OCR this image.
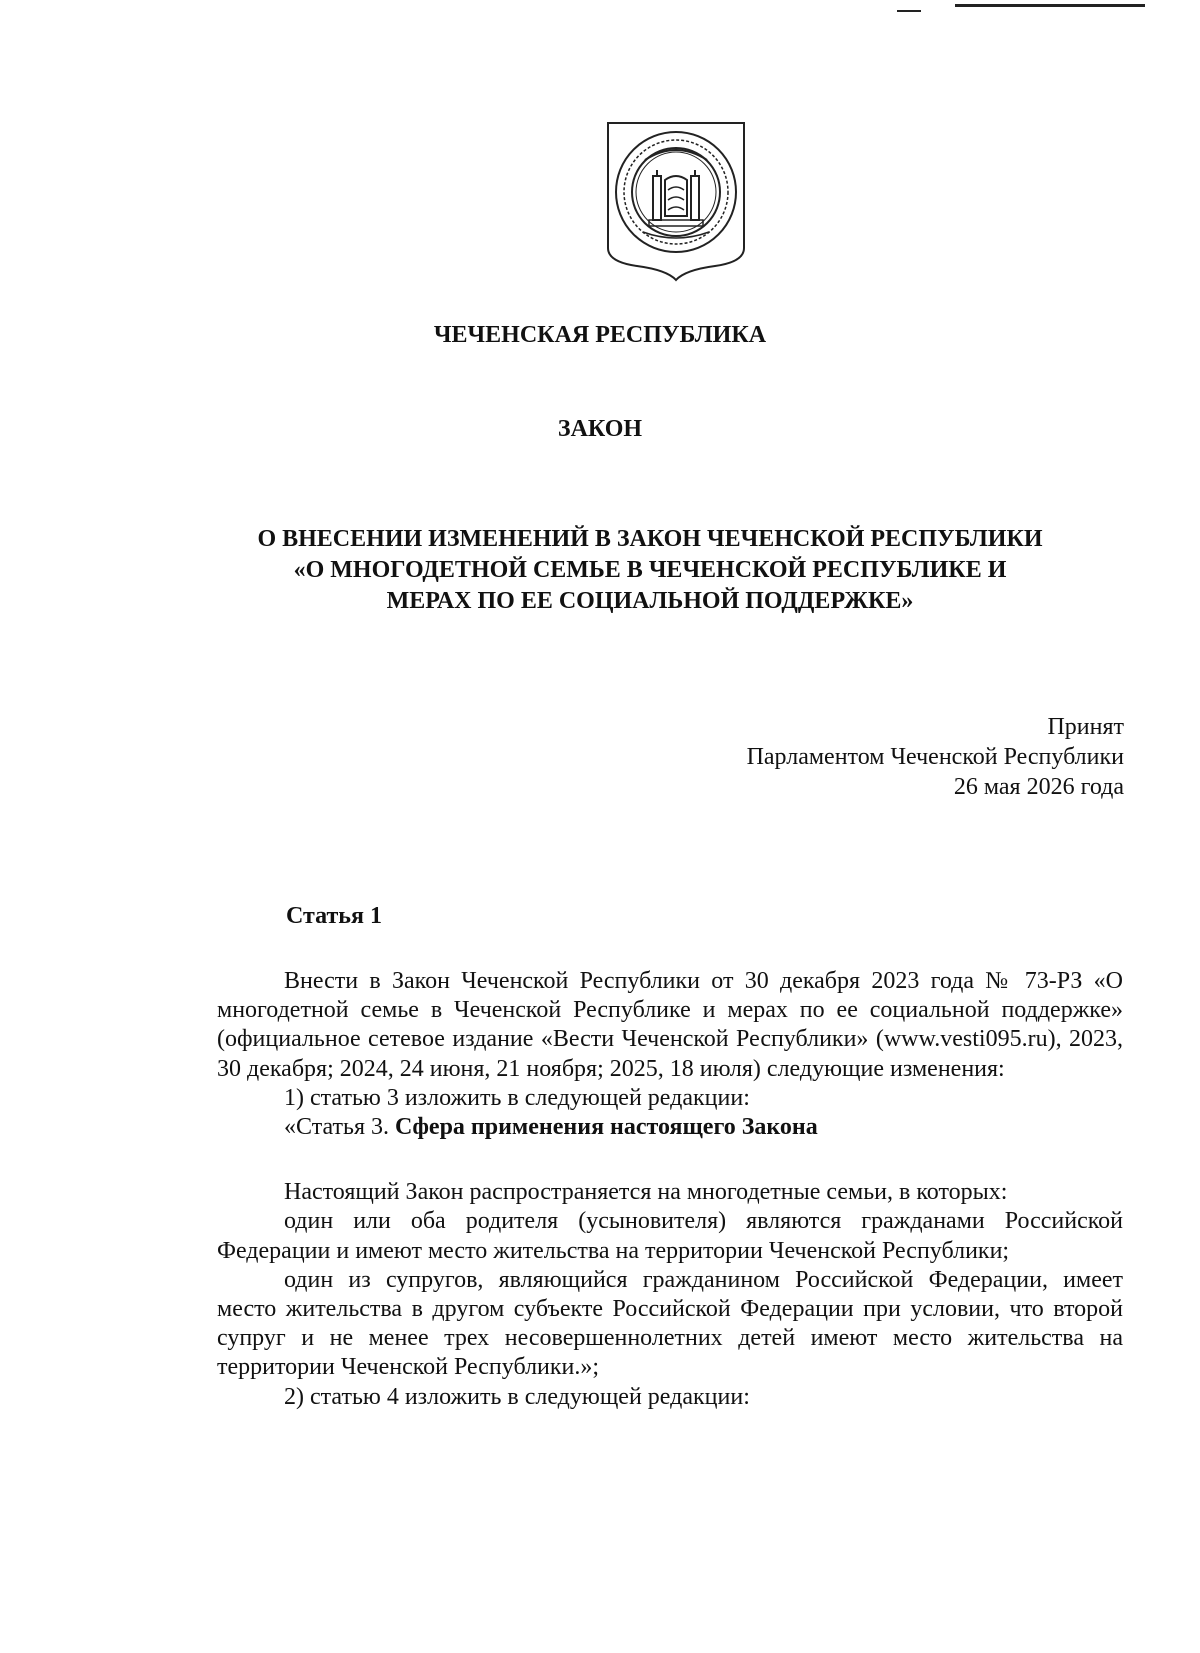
ЧЕЧЕНСКАЯ РЕСПУБЛИКА
ЗАКОН
О ВНЕСЕНИИ ИЗМЕНЕНИЙ В ЗАКОН ЧЕЧЕНСКОЙ РЕСПУБЛИКИ
«О МНОГОДЕТНОЙ СЕМЬЕ В ЧЕЧЕНСКОЙ РЕСПУБЛИКЕ И
МЕРАХ ПО ЕЕ СОЦИАЛЬНОЙ ПОДДЕРЖКЕ»
Принят
Парламентом Чеченской Республики
26 мая 2026 года
Статья 1

Внести в Закон Чеченской Республики от 30 декабря 2023 года № 73-РЗ «О многодетной семье в Чеченской Республике и мерах по ее социальной поддержке» (официальное сетевое издание «Вести Чеченской Республики» (www.vesti095.ru), 2023, 30 декабря; 2024, 24 июня, 21 ноября; 2025, 18 июля) следующие изменения:

1) статью 3 изложить в следующей редакции:

«Статья 3. Сфера применения настоящего Закона

Настоящий Закон распространяется на многодетные семьи, в которых:

один или оба родителя (усыновителя) являются гражданами Российской Федерации и имеют место жительства на территории Чеченской Республики;

один из супругов, являющийся гражданином Российской Федерации, имеет место жительства в другом субъекте Российской Федерации при условии, что второй супруг и не менее трех несовершеннолетних детей имеют место жительства на территории Чеченской Республики.»;

2) статью 4 изложить в следующей редакции:
